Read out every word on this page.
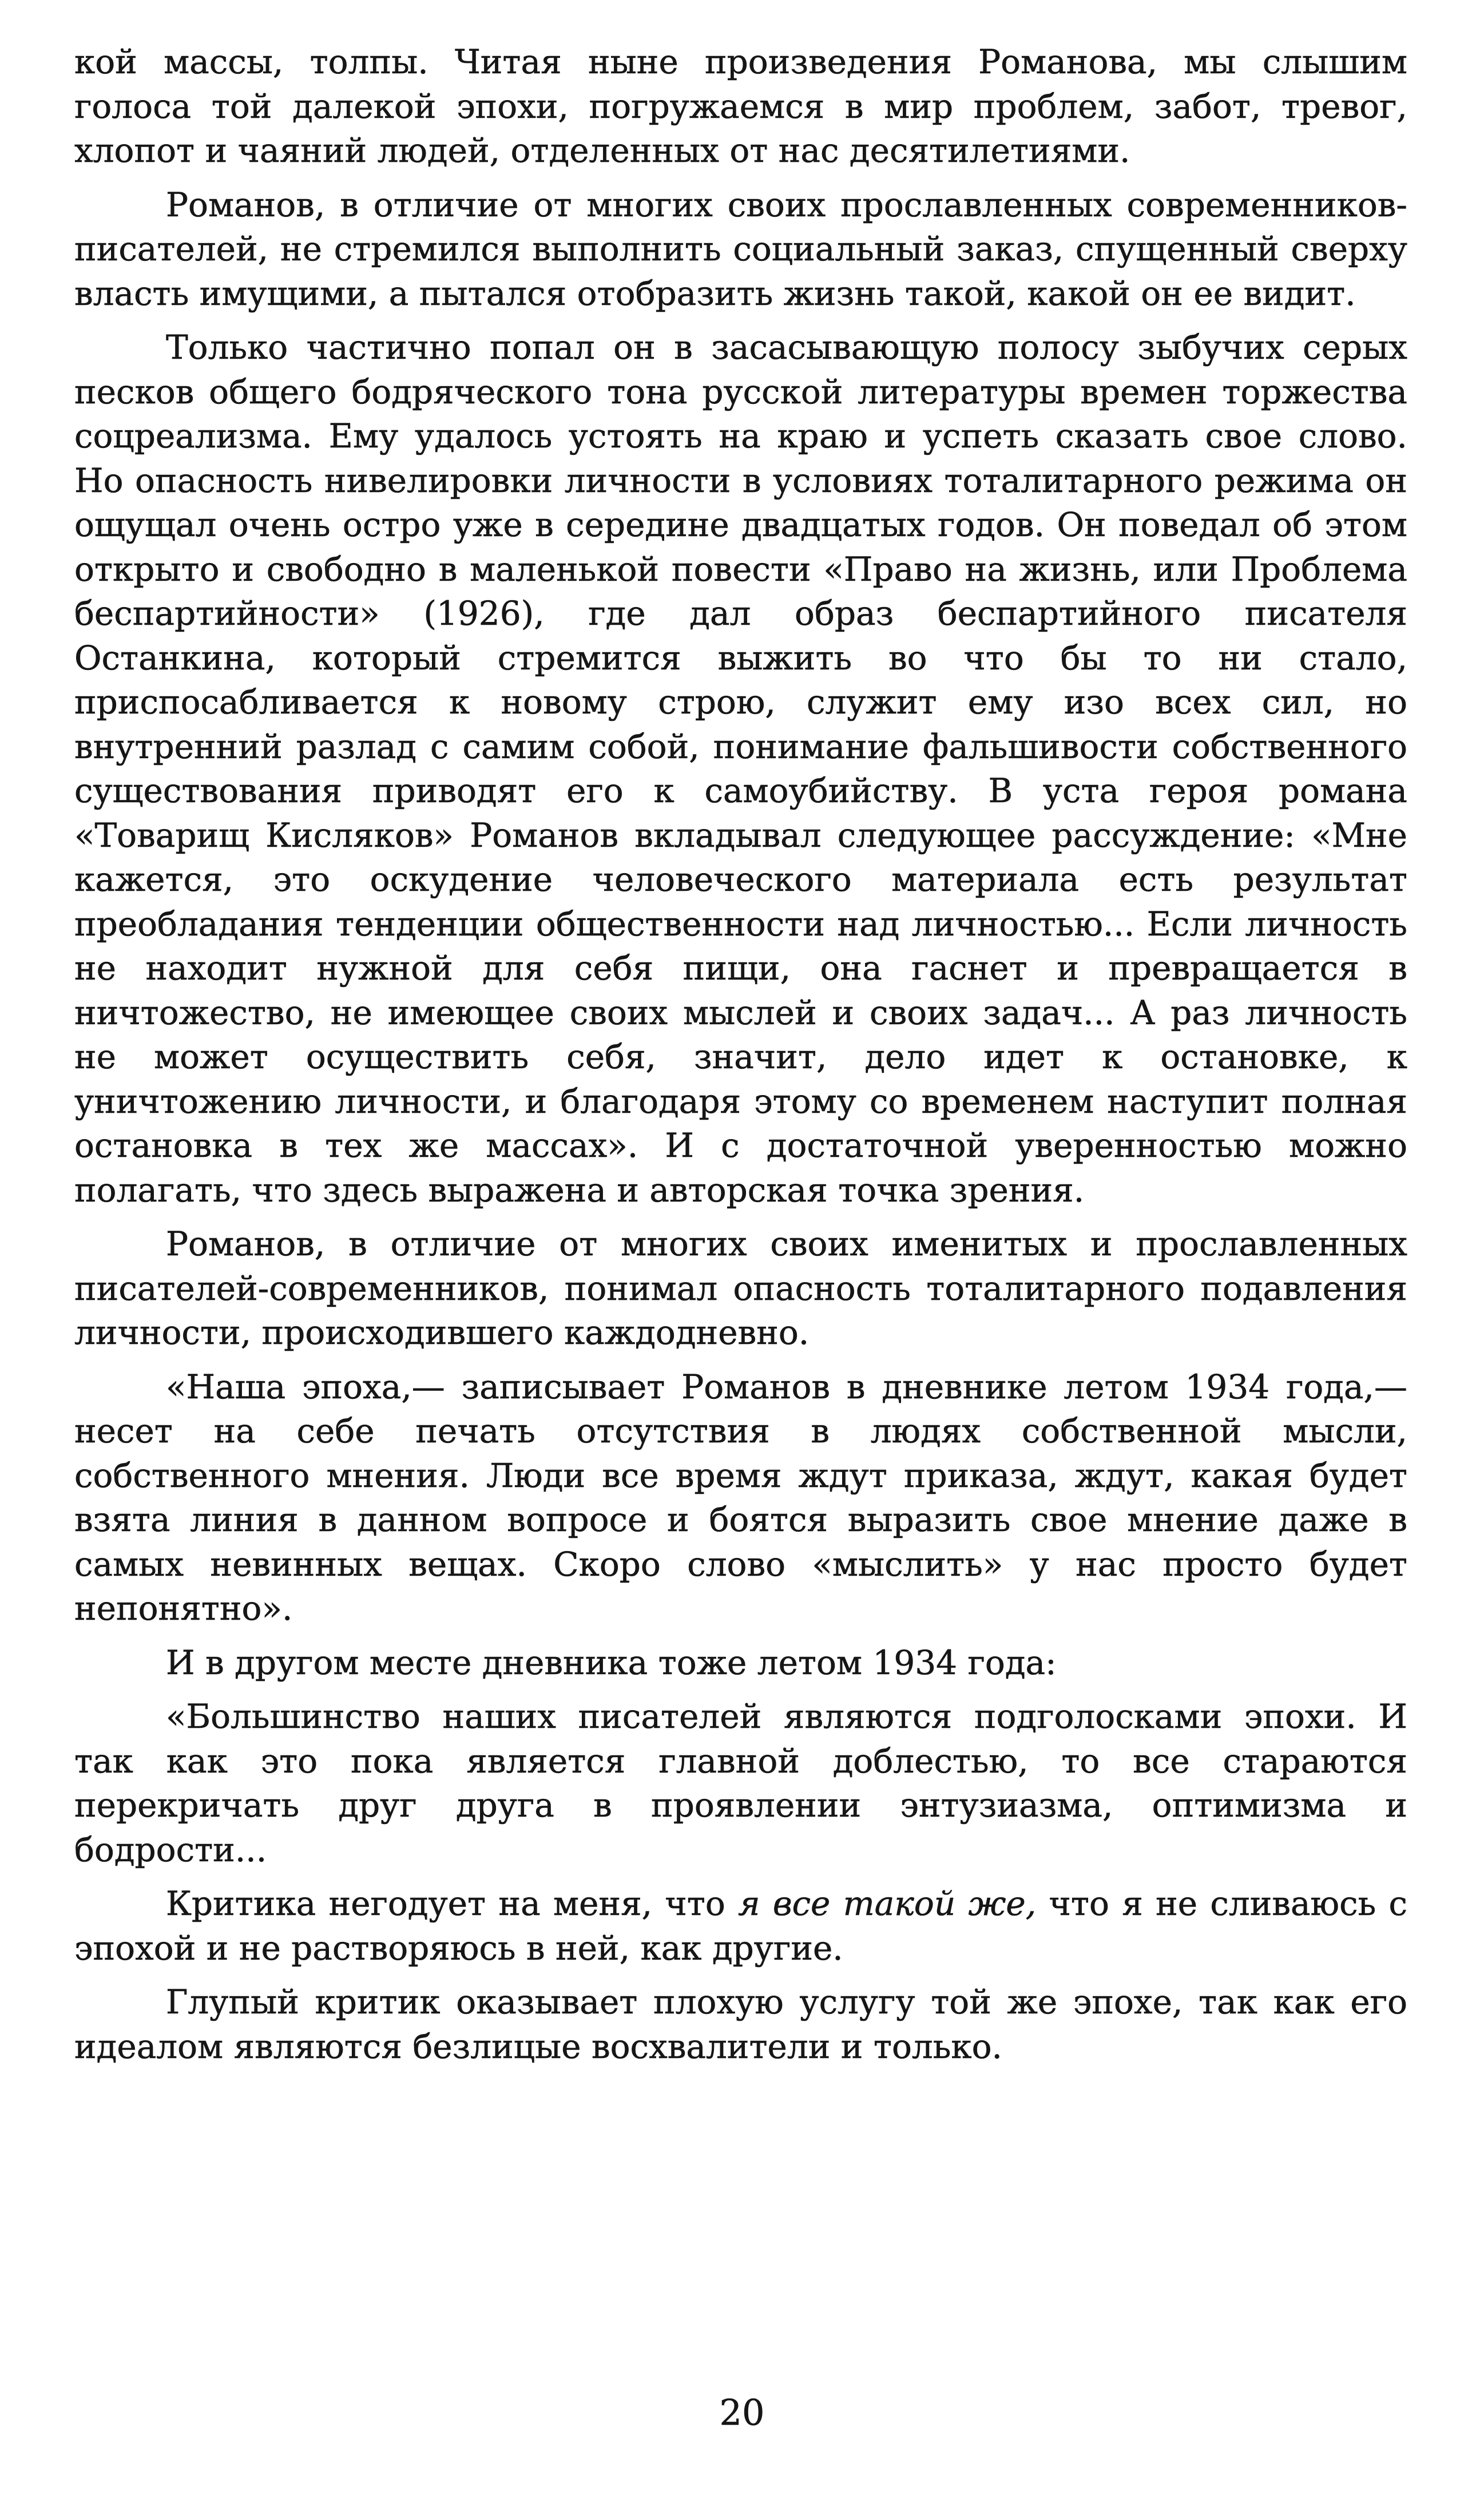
кой массы, толпы. Читая ныне произведения Романова, мы слышим голоса той далекой эпохи, погружаемся в мир проблем, забот, тревог, хлопот и чаяний людей, отделенных от нас десятилетиями.

Романов, в отличие от многих своих прославленных современников-писателей, не стремился выполнить социальный заказ, спущенный сверху власть имущими, а пытался отобразить жизнь такой, какой он ее видит.

Только частично попал он в засасывающую полосу зыбучих серых песков общего бодряческого тона русской литературы времен торжества соцреализма. Ему удалось устоять на краю и успеть сказать свое слово. Но опасность нивелировки личности в условиях тоталитарного режима он ощущал очень остро уже в середине двадцатых годов. Он поведал об этом открыто и свободно в маленькой повести «Право на жизнь, или Проблема беспартийности» (1926), где дал образ беспартийного писателя Останкина, который стремится выжить во что бы то ни стало, приспосабливается к новому строю, служит ему изо всех сил, но внутренний разлад с самим собой, понимание фальшивости собственного существования приводят его к самоубийству. В уста героя романа «Товарищ Кисляков» Романов вкладывал следующее рассуждение: «Мне кажется, это оскудение человеческого материала есть результат преобладания тенденции общественности над личностью... Если личность не находит нужной для себя пищи, она гаснет и превращается в ничтожество, не имеющее своих мыслей и своих задач... А раз личность не может осуществить себя, значит, дело идет к остановке, к уничтожению личности, и благодаря этому со временем наступит полная остановка в тех же массах». И с достаточной уверенностью можно полагать, что здесь выражена и авторская точка зрения.

Романов, в отличие от многих своих именитых и прославленных писателей-современников, понимал опасность тоталитарного подавления личности, происходившего каждодневно.

«Наша эпоха,— записывает Романов в дневнике летом 1934 года,— несет на себе печать отсутствия в людях собственной мысли, собственного мнения. Люди все время ждут приказа, ждут, какая будет взята линия в данном вопросе и боятся выразить свое мнение даже в самых невинных вещах. Скоро слово «мыслить» у нас просто будет непонятно».

И в другом месте дневника тоже летом 1934 года:

«Большинство наших писателей являются подголосками эпохи. И так как это пока является главной доблестью, то все стараются перекричать друг друга в проявлении энтузиазма, оптимизма и бодрости...

Критика негодует на меня, что я все такой же, что я не сливаюсь с эпохой и не растворяюсь в ней, как другие.

Глупый критик оказывает плохую услугу той же эпохе, так как его идеалом являются безлицые восхвалители и только.

20
